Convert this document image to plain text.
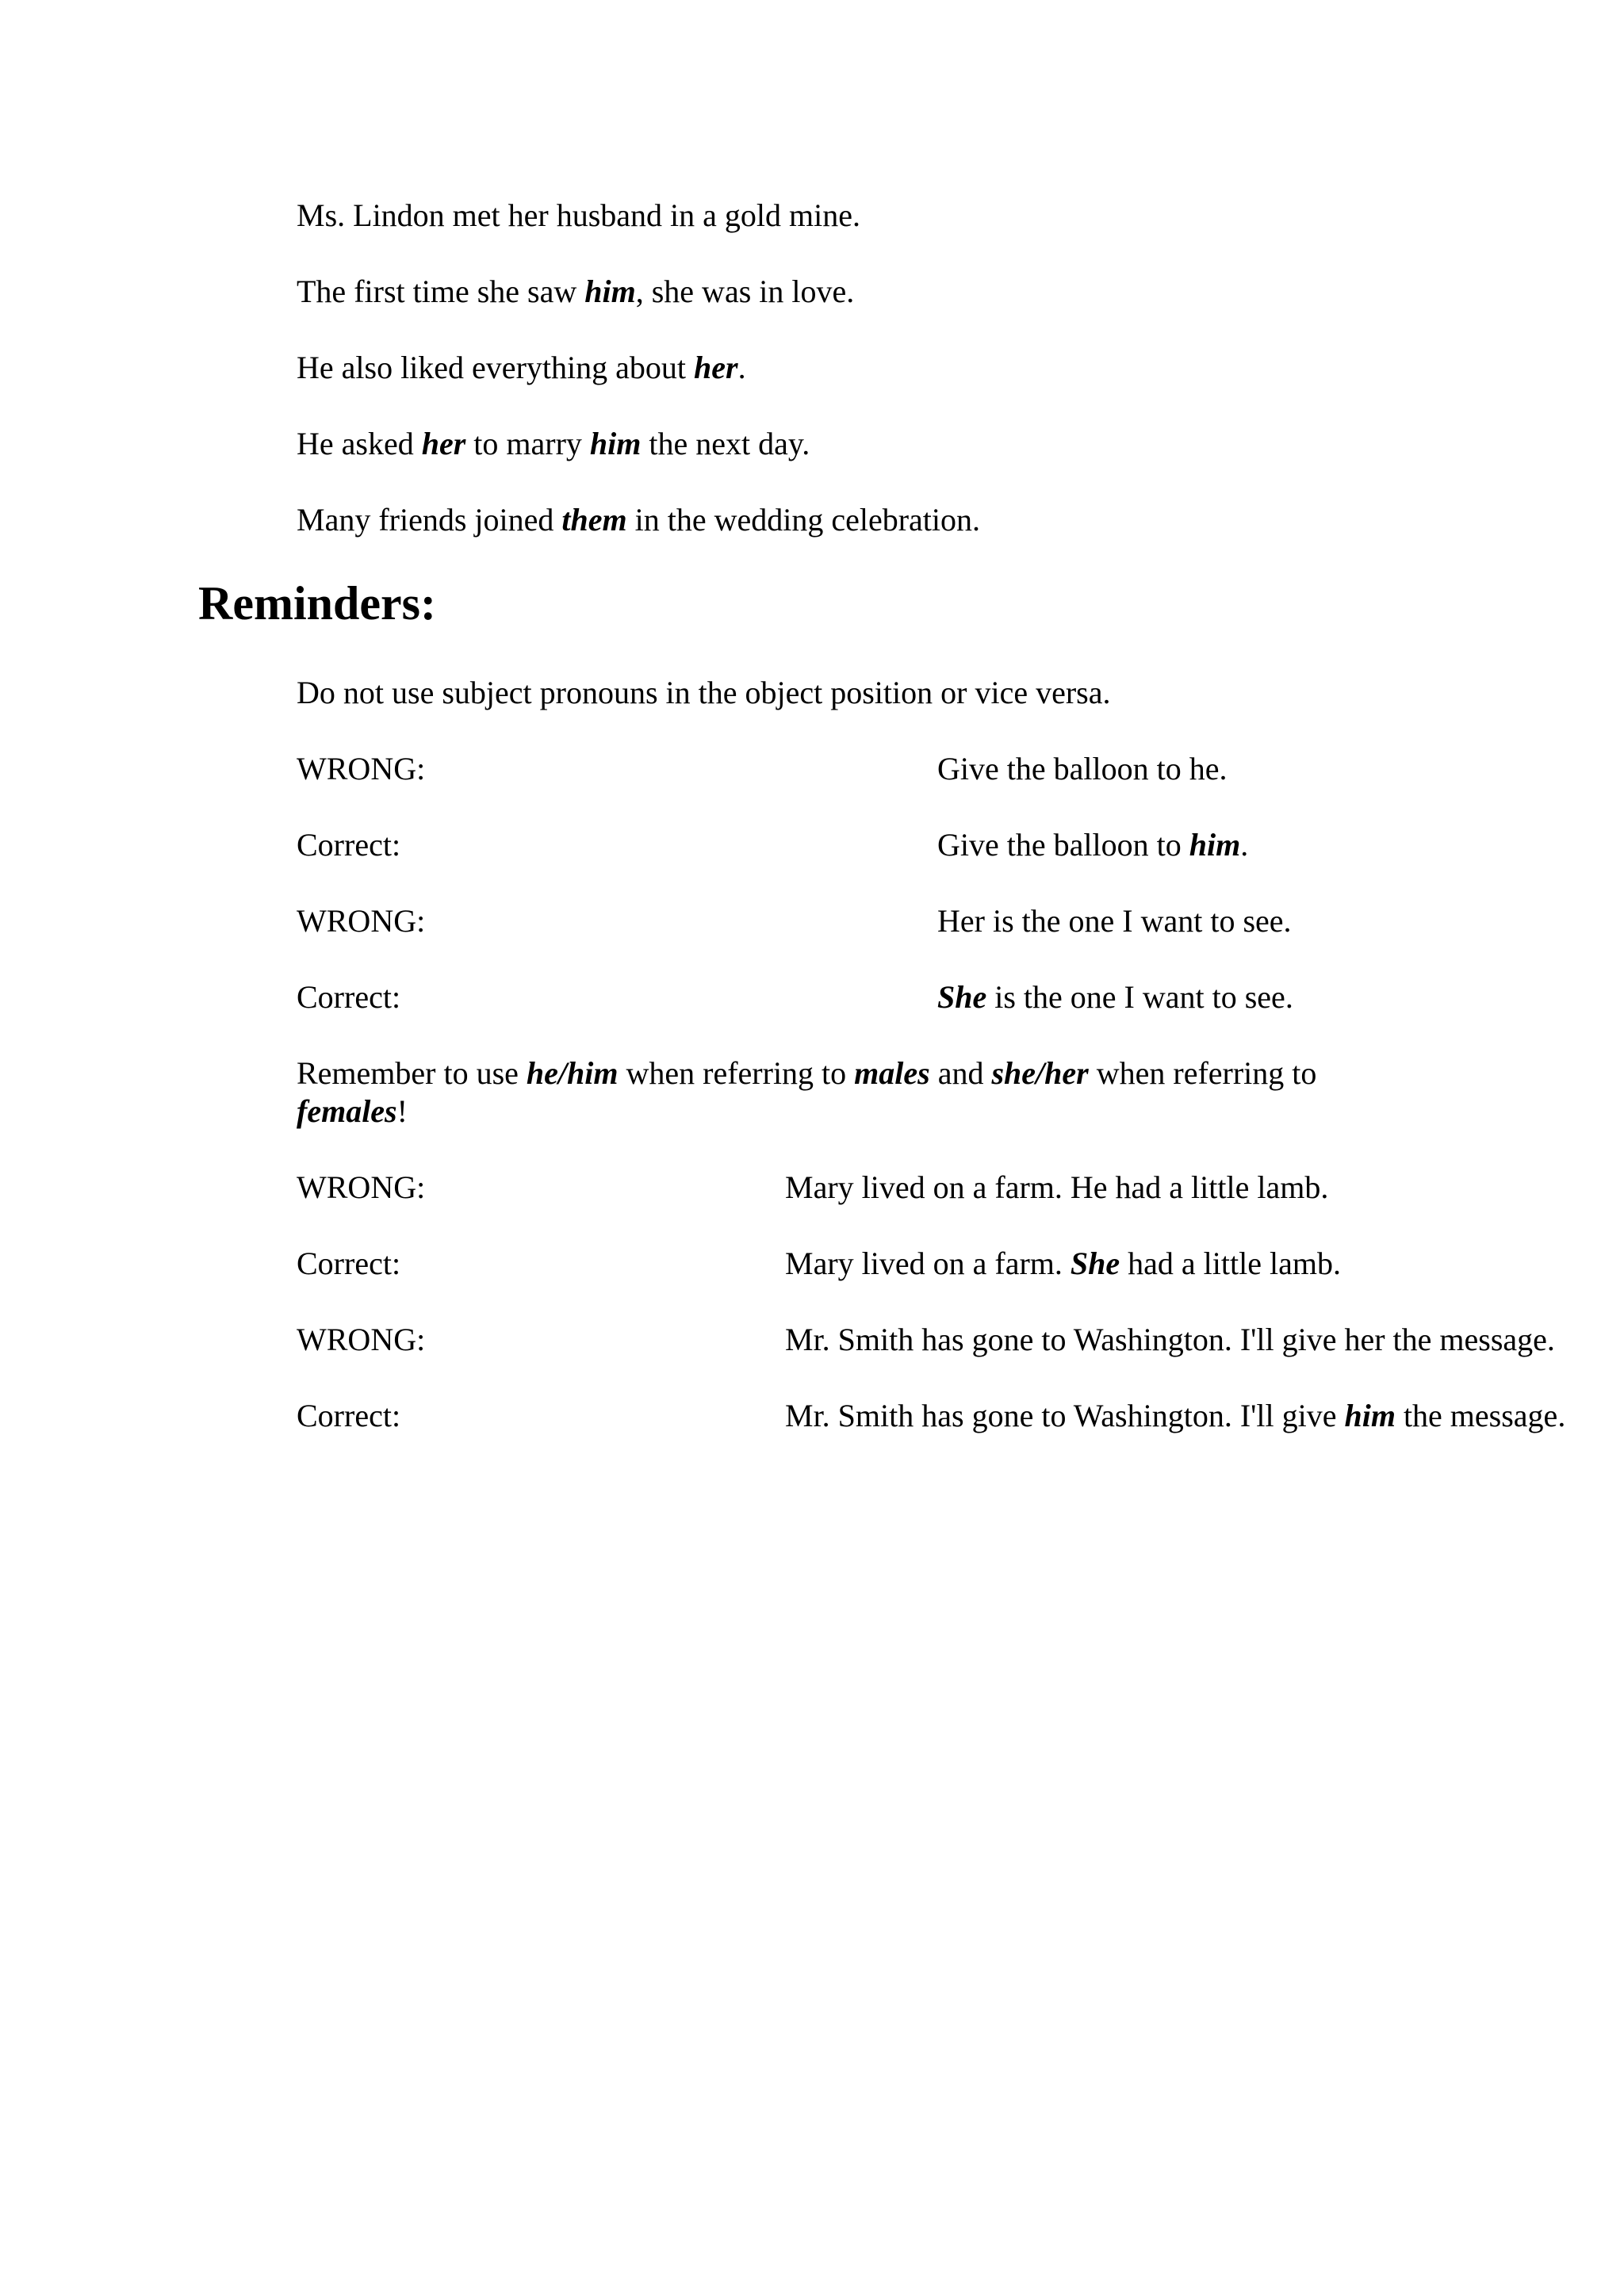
Ms. Lindon met her husband in a gold mine.
The first time she saw him, she was in love.
He also liked everything about her.
He asked her to marry him the next day.
Many friends joined them in the wedding celebration.
Reminders:
Do not use subject pronouns in the object position or vice versa.
WRONG:	Give the balloon to he.
Correct:	Give the balloon to him.
WRONG:	Her is the one I want to see.
Correct:	She is the one I want to see.
Remember to use he/him when referring to males and she/her when referring to females!
WRONG:	Mary lived on a farm. He had a little lamb.
Correct:	Mary lived on a farm. She had a little lamb.
WRONG:	Mr. Smith has gone to Washington. I'll give her the message.
Correct:	Mr. Smith has gone to Washington. I'll give him the message.
